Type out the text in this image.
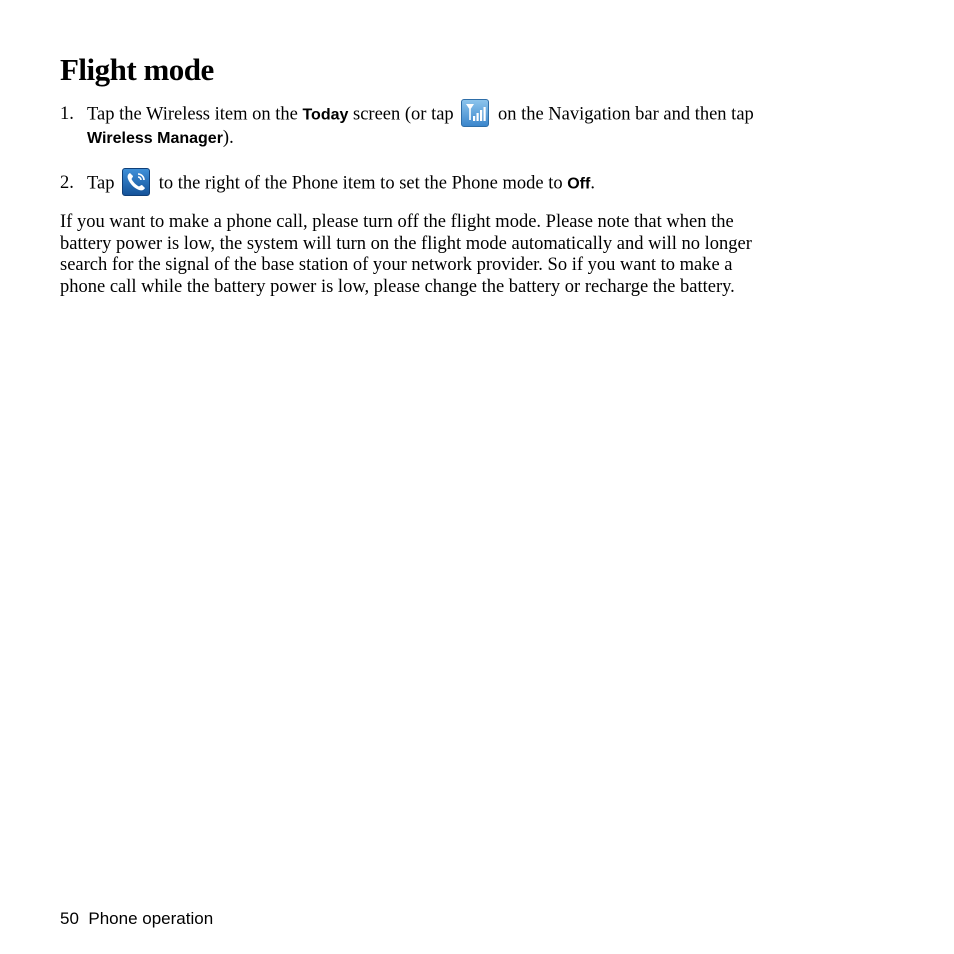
Flight mode
1. Tap the Wireless item on the Today screen (or tap
on the Navigation bar and then tap
Wireless Manager).
2. Tap
to the right of the Phone item to set the Phone mode to Off.

If you want to make a phone call, please turn off the flight mode. Please note that when the
battery power is low, the system will turn on the flight mode automatically and will no longer
search for the signal of the base station of your network provider. So if you want to make a
phone call while the battery power is low, please change the battery or recharge the battery.

50 Phone operation
